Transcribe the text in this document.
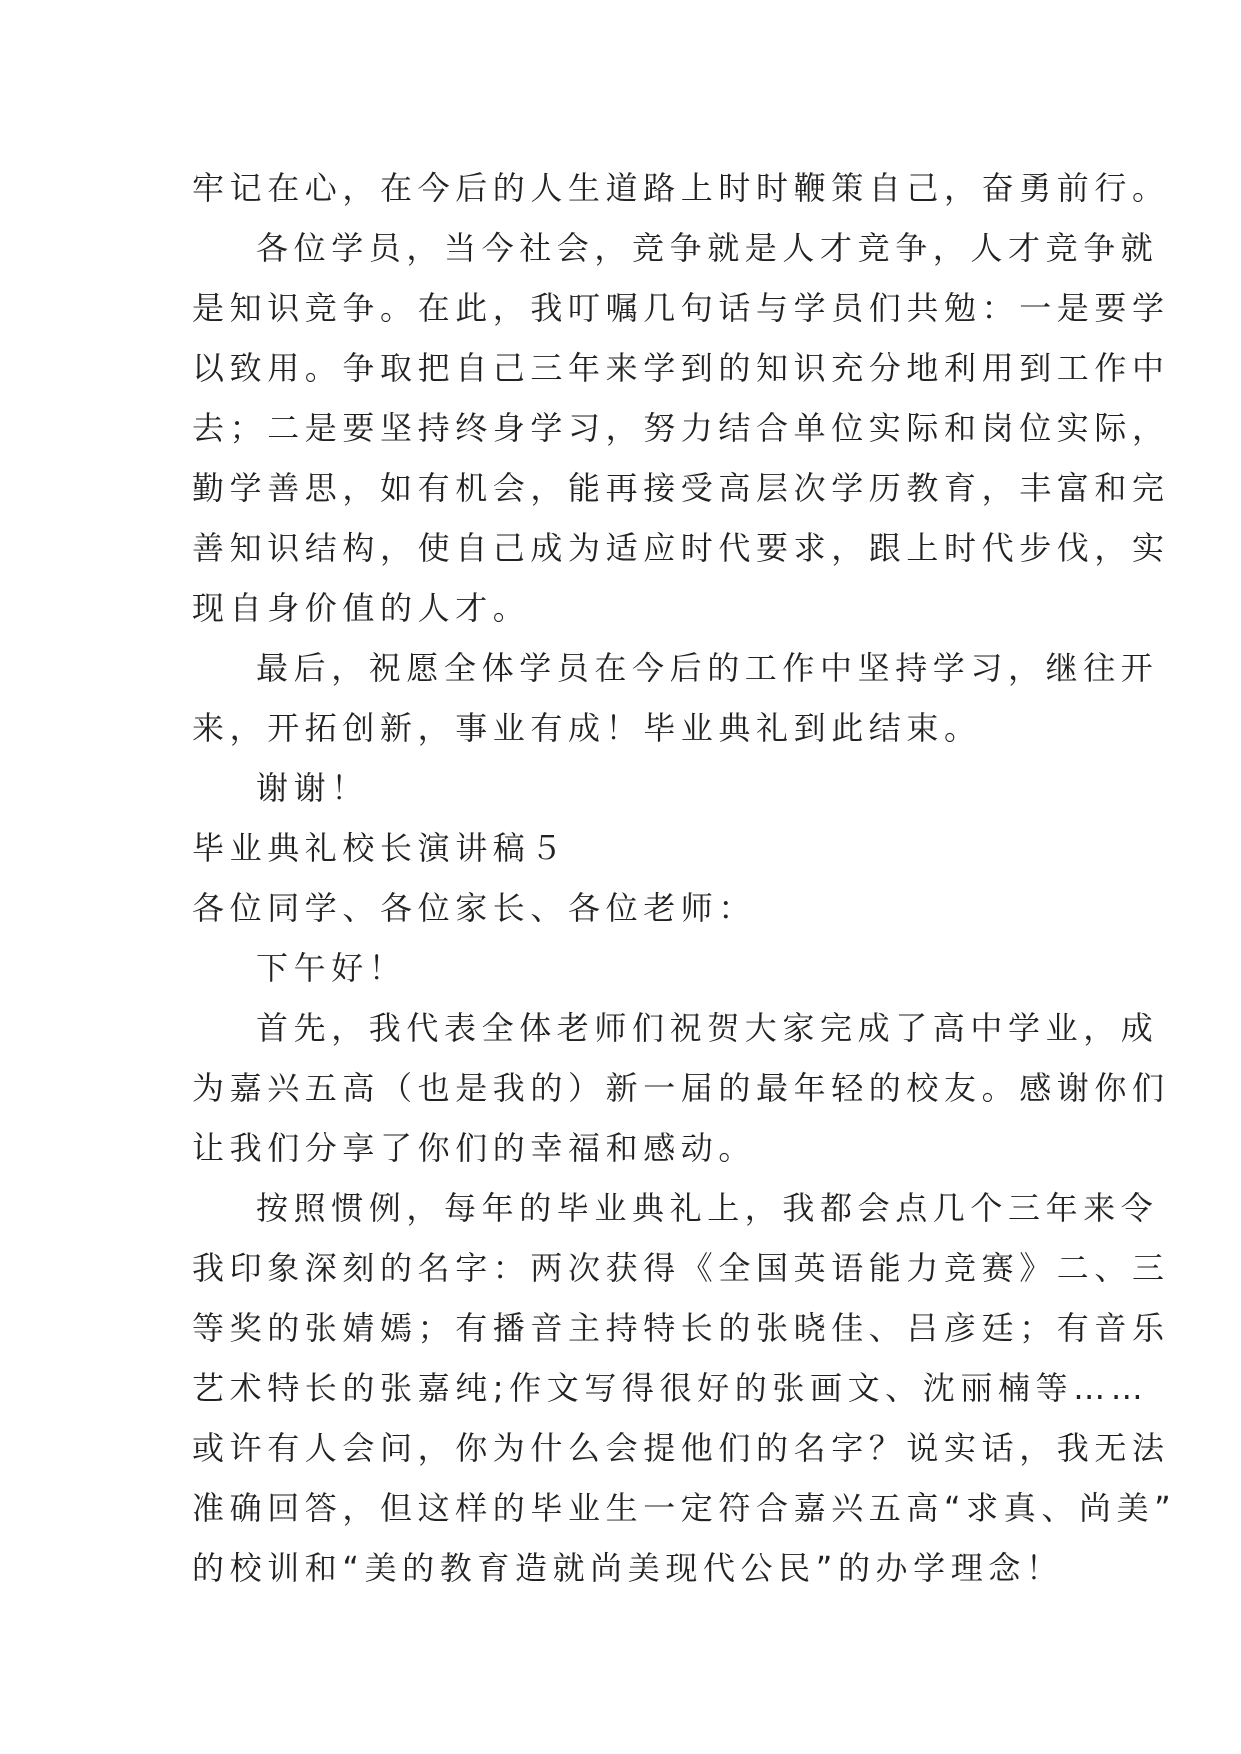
牢记在心，在今后的人生道路上时时鞭策自己，奋勇前行。
各位学员，当今社会，竞争就是人才竞争，人才竞争就
是知识竞争。在此，我叮嘱几句话与学员们共勉：一是要学
以致用。争取把自己三年来学到的知识充分地利用到工作中
去；二是要坚持终身学习，努力结合单位实际和岗位实际，
勤学善思，如有机会，能再接受高层次学历教育，丰富和完
善知识结构，使自己成为适应时代要求，跟上时代步伐，实
现自身价值的人才。
最后，祝愿全体学员在今后的工作中坚持学习，继往开
来，开拓创新，事业有成！毕业典礼到此结束。
谢谢！
毕业典礼校长演讲稿５
各位同学、各位家长、各位老师：
下午好！
首先，我代表全体老师们祝贺大家完成了高中学业，成
为嘉兴五高（也是我的）新一届的最年轻的校友。感谢你们
让我们分享了你们的幸福和感动。
按照惯例，每年的毕业典礼上，我都会点几个三年来令
我印象深刻的名字：两次获得《全国英语能力竞赛》二、三
等奖的张婧嫣；有播音主持特长的张晓佳、吕彦廷；有音乐
艺术特长的张嘉纯;作文写得很好的张画文、沈丽楠等……
或许有人会问，你为什么会提他们的名字？说实话，我无法
准确回答，但这样的毕业生一定符合嘉兴五高“求真、尚美”
的校训和“美的教育造就尚美现代公民”的办学理念！
